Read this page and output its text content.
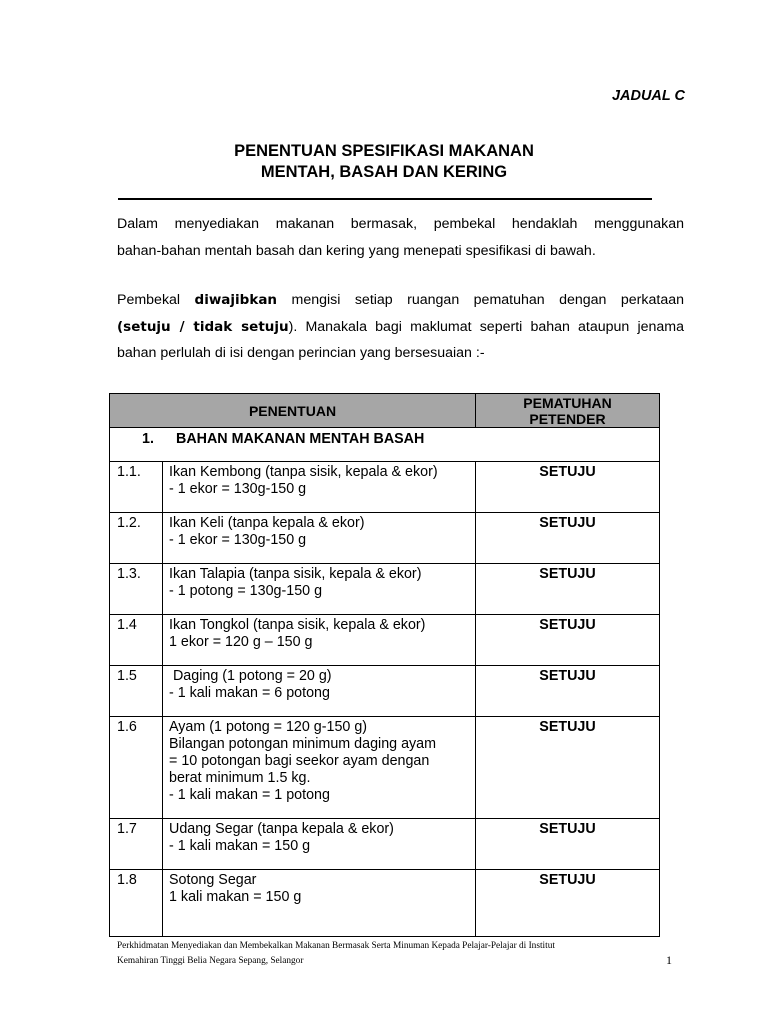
JADUAL C
PENENTUAN SPESIFIKASI MAKANAN
MENTAH, BASAH DAN KERING
Dalam menyediakan makanan bermasak, pembekal hendaklah menggunakan
bahan-bahan mentah basah dan kering yang menepati spesifikasi di bawah.
Pembekal diwajibkan mengisi setiap ruangan pematuhan dengan perkataan
(setuju / tidak setuju). Manakala bagi maklumat seperti bahan ataupun jenama
bahan perlulah di isi dengan perincian yang bersesuaian :-
PENENTUAN		PEMATUHAN
PETENDER

1. BAHAN MAKANAN MENTAH BASAH		

1.1.	Ikan Kembong (tanpa sisik, kepala & ekor)
- 1 ekor = 130g-150 g	SETUJU
1.2.	Ikan Keli (tanpa kepala & ekor)
- 1 ekor = 130g-150 g	SETUJU
1.3.	Ikan Talapia (tanpa sisik, kepala & ekor)
- 1 potong = 130g-150 g	SETUJU
1.4	Ikan Tongkol (tanpa sisik, kepala & ekor)
1 ekor = 120 g – 150 g	SETUJU
1.5	Daging (1 potong = 20 g)
- 1 kali makan = 6 potong	SETUJU
1.6	Ayam (1 potong = 120 g-150 g)
Bilangan potongan minimum daging ayam
= 10 potongan bagi seekor ayam dengan
berat minimum 1.5 kg.
- 1 kali makan = 1 potong	SETUJU
1.7	Udang Segar (tanpa kepala & ekor)
- 1 kali makan = 150 g	SETUJU
1.8	Sotong Segar
1 kali makan = 150 g	SETUJU
Perkhidmatan Menyediakan dan Membekalkan Makanan Bermasak Serta Minuman Kepada Pelajar-Pelajar di Institut
Kemahiran Tinggi Belia Negara Sepang, Selangor	1
